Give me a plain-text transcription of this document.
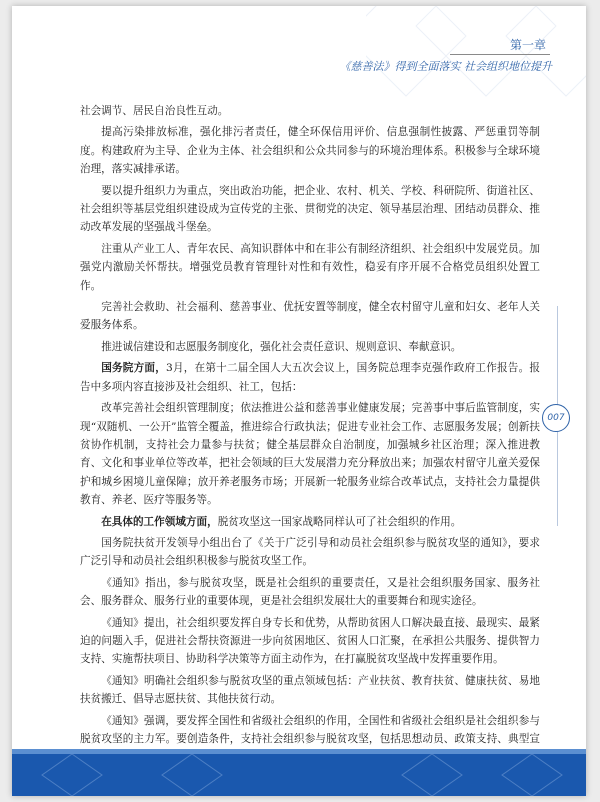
第一章
《慈善法》得到全面落实 社会组织地位提升

社会调节、居民自治良性互动。

提高污染排放标准，强化排污者责任，健全环保信用评价、信息强制性披露、严惩重罚等制度。构建政府为主导、企业为主体、社会组织和公众共同参与的环境治理体系。积极参与全球环境治理，落实减排承诺。

要以提升组织力为重点，突出政治功能，把企业、农村、机关、学校、科研院所、街道社区、社会组织等基层党组织建设成为宣传党的主张、贯彻党的决定、领导基层治理、团结动员群众、推动改革发展的坚强战斗堡垒。

注重从产业工人、青年农民、高知识群体中和在非公有制经济组织、社会组织中发展党员。加强党内激励关怀帮扶。增强党员教育管理针对性和有效性，稳妥有序开展不合格党员组织处置工作。

完善社会救助、社会福利、慈善事业、优抚安置等制度，健全农村留守儿童和妇女、老年人关爱服务体系。

推进诚信建设和志愿服务制度化，强化社会责任意识、规则意识、奉献意识。

国务院方面，3月，在第十二届全国人大五次会议上，国务院总理李克强作政府工作报告。报告中多项内容直接涉及社会组织、社工，包括：

改革完善社会组织管理制度；依法推进公益和慈善事业健康发展；完善事中事后监管制度，实现“双随机、一公开”监管全覆盖，推进综合行政执法；促进专业社会工作、志愿服务发展；创新扶贫协作机制，支持社会力量参与扶贫；健全基层群众自治制度，加强城乡社区治理；深入推进教育、文化和事业单位等改革，把社会领域的巨大发展潜力充分释放出来；加强农村留守儿童关爱保护和城乡困境儿童保障；放开养老服务市场；开展新一轮服务业综合改革试点，支持社会力量提供教育、养老、医疗等服务等。

在具体的工作领域方面，脱贫攻坚这一国家战略同样认可了社会组织的作用。

国务院扶贫开发领导小组出台了《关于广泛引导和动员社会组织参与脱贫攻坚的通知》，要求广泛引导和动员社会组织积极参与脱贫攻坚工作。

《通知》指出，参与脱贫攻坚，既是社会组织的重要责任，又是社会组织服务国家、服务社会、服务群众、服务行业的重要体现，更是社会组织发展壮大的重要舞台和现实途径。

《通知》提出，社会组织要发挥自身专长和优势，从帮助贫困人口解决最直接、最现实、最紧迫的问题入手，促进社会帮扶资源进一步向贫困地区、贫困人口汇聚，在承担公共服务、提供智力支持、实施帮扶项目、协助科学决策等方面主动作为，在打赢脱贫攻坚战中发挥重要作用。

《通知》明确社会组织参与脱贫攻坚的重点领域包括：产业扶贫、教育扶贫、健康扶贫、易地扶贫搬迁、倡导志愿扶贫、其他扶贫行动。

《通知》强调，要发挥全国性和省级社会组织的作用，全国性和省级社会组织是社会组织参与脱贫攻坚的主力军。要创造条件，支持社会组织参与脱贫攻坚，包括思想动员、政策支持、典型宣

007
